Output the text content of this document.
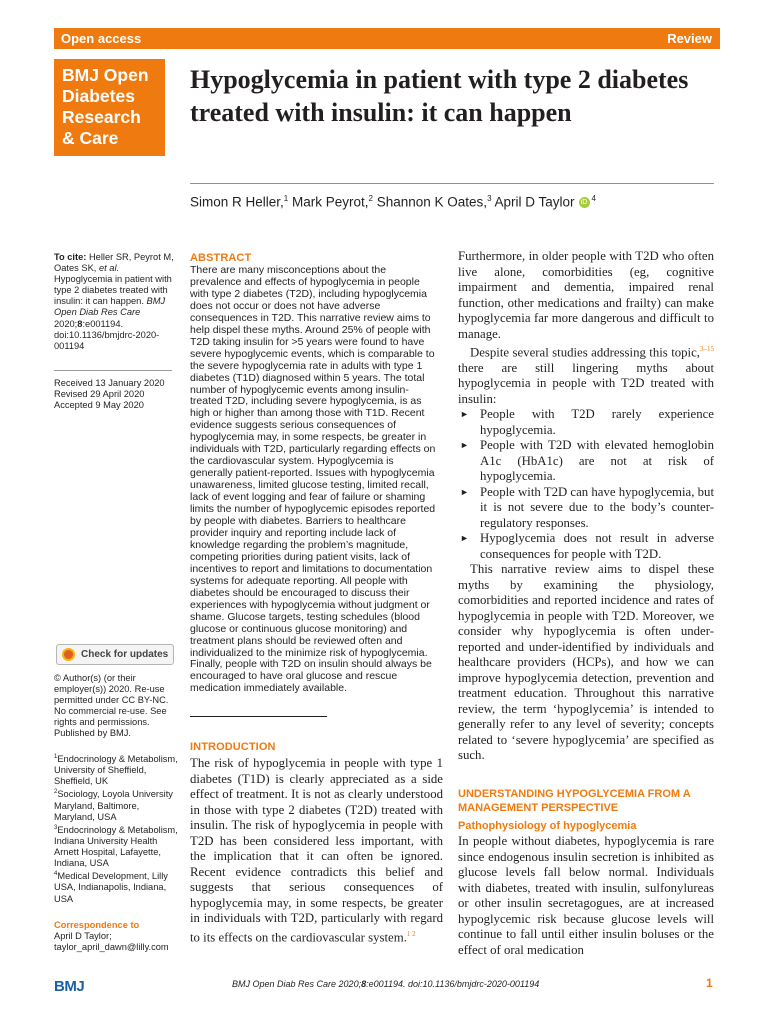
Open access	Review
BMJ Open
Diabetes
Research
& Care
Hypoglycemia in patient with type 2 diabetes treated with insulin: it can happen
Simon R Heller,$^1$ Mark Peyrot,$^2$ Shannon K Oates,$^3$ April D Taylor iD $^4$

To cite: Heller SR, Peyrot M, Oates SK, et al. Hypoglycemia in patient with type 2 diabetes treated with insulin: it can happen. BMJ Open Diab Res Care 2020;8:e001194. doi:10.1136/bmjdrc-2020-001194

Received 13 January 2020

Revised 29 April 2020

Accepted 9 May 2020

Check for updates

© Author(s) (or their employer(s)) 2020. Re-use permitted under CC BY-NC. No commercial re-use. See rights and permissions. Published by BMJ.

$^1$Endocrinology & Metabolism, University of Sheffield, Sheffield, UK

$^2$Sociology, Loyola University Maryland, Baltimore, Maryland, USA

$^3$Endocrinology & Metabolism, Indiana University Health Arnett Hospital, Lafayette, Indiana, USA

$^4$Medical Development, Lilly USA, Indianapolis, Indiana, USA

Correspondence to

April D Taylor;

taylor_april_dawn@lilly.com

ABSTRACT
There are many misconceptions about the prevalence and effects of hypoglycemia in people with type 2 diabetes (T2D), including hypoglycemia does not occur or does not have adverse consequences in T2D. This narrative review aims to help dispel these myths. Around 25% of people with T2D taking insulin for >5 years were found to have severe hypoglycemic events, which is comparable to the severe hypoglycemia rate in adults with type 1 diabetes (T1D) diagnosed within 5 years. The total number of hypoglycemic events among insulin-treated T2D, including severe hypoglycemia, is as high or higher than among those with T1D. Recent evidence suggests serious consequences of hypoglycemia may, in some respects, be greater in individuals with T2D, particularly regarding effects on the cardiovascular system. Hypoglycemia is generally patient-reported. Issues with hypoglycemia unawareness, limited glucose testing, limited recall, lack of event logging and fear of failure or shaming limits the number of hypoglycemic episodes reported by people with diabetes. Barriers to healthcare provider inquiry and reporting include lack of knowledge regarding the problem’s magnitude, competing priorities during patient visits, lack of incentives to report and limitations to documentation systems for adequate reporting. All people with diabetes should be encouraged to discuss their experiences with hypoglycemia without judgment or shame. Glucose targets, testing schedules (blood glucose or continuous glucose monitoring) and treatment plans should be reviewed often and individualized to the minimize risk of hypoglycemia. Finally, people with T2D on insulin should always be encouraged to have oral glucose and rescue medication immediately available.
INTRODUCTION

The risk of hypoglycemia in people with type 1 diabetes (T1D) is clearly appreciated as a side effect of treatment. It is not as clearly understood in those with type 2 diabetes (T2D) treated with insulin. The risk of hypoglycemia in people with T2D has been considered less important, with the implication that it can often be ignored. Recent evidence contradicts this belief and suggests that serious consequences of hypoglycemia may, in some respects, be greater in individuals with T2D, particularly with regard to its effects on the cardiovascular system.$^{1 2}$

Furthermore, in older people with T2D who often live alone, comorbidities (eg, cognitive impairment and dementia, impaired renal function, other medications and frailty) can make hypoglycemia far more dangerous and difficult to manage.

Despite several studies addressing this topic,$^{3-15}$ there are still lingering myths about hypoglycemia in people with T2D treated with insulin:

► People with T2D rarely experience hypoglycemia.
► People with T2D with elevated hemoglobin A1c (HbA1c) are not at risk of hypoglycemia.
► People with T2D can have hypoglycemia, but it is not severe due to the body’s counter-regulatory responses.
► Hypoglycemia does not result in adverse consequences for people with T2D.

This narrative review aims to dispel these myths by examining the physiology, comorbidities and reported incidence and rates of hypoglycemia in people with T2D. Moreover, we consider why hypoglycemia is often under-reported and under-identified by individuals and healthcare providers (HCPs), and how we can improve hypoglycemia detection, prevention and treatment education. Throughout this narrative review, the term ‘hypoglycemia’ is intended to generally refer to any level of severity; concepts related to ‘severe hypoglycemia’ are specified as such.

UNDERSTANDING HYPOGLYCEMIA FROM A MANAGEMENT PERSPECTIVE
Pathophysiology of hypoglycemia

In people without diabetes, hypoglycemia is rare since endogenous insulin secretion is inhibited as glucose levels fall below normal. Individuals with diabetes, treated with insulin, sulfonylureas or other insulin secretagogues, are at increased hypoglycemic risk because glucose levels will continue to fall until either insulin boluses or the effect of oral medication

BMJ	BMJ Open Diab Res Care 2020;8:e001194. doi:10.1136/bmjdrc-2020-001194	1
